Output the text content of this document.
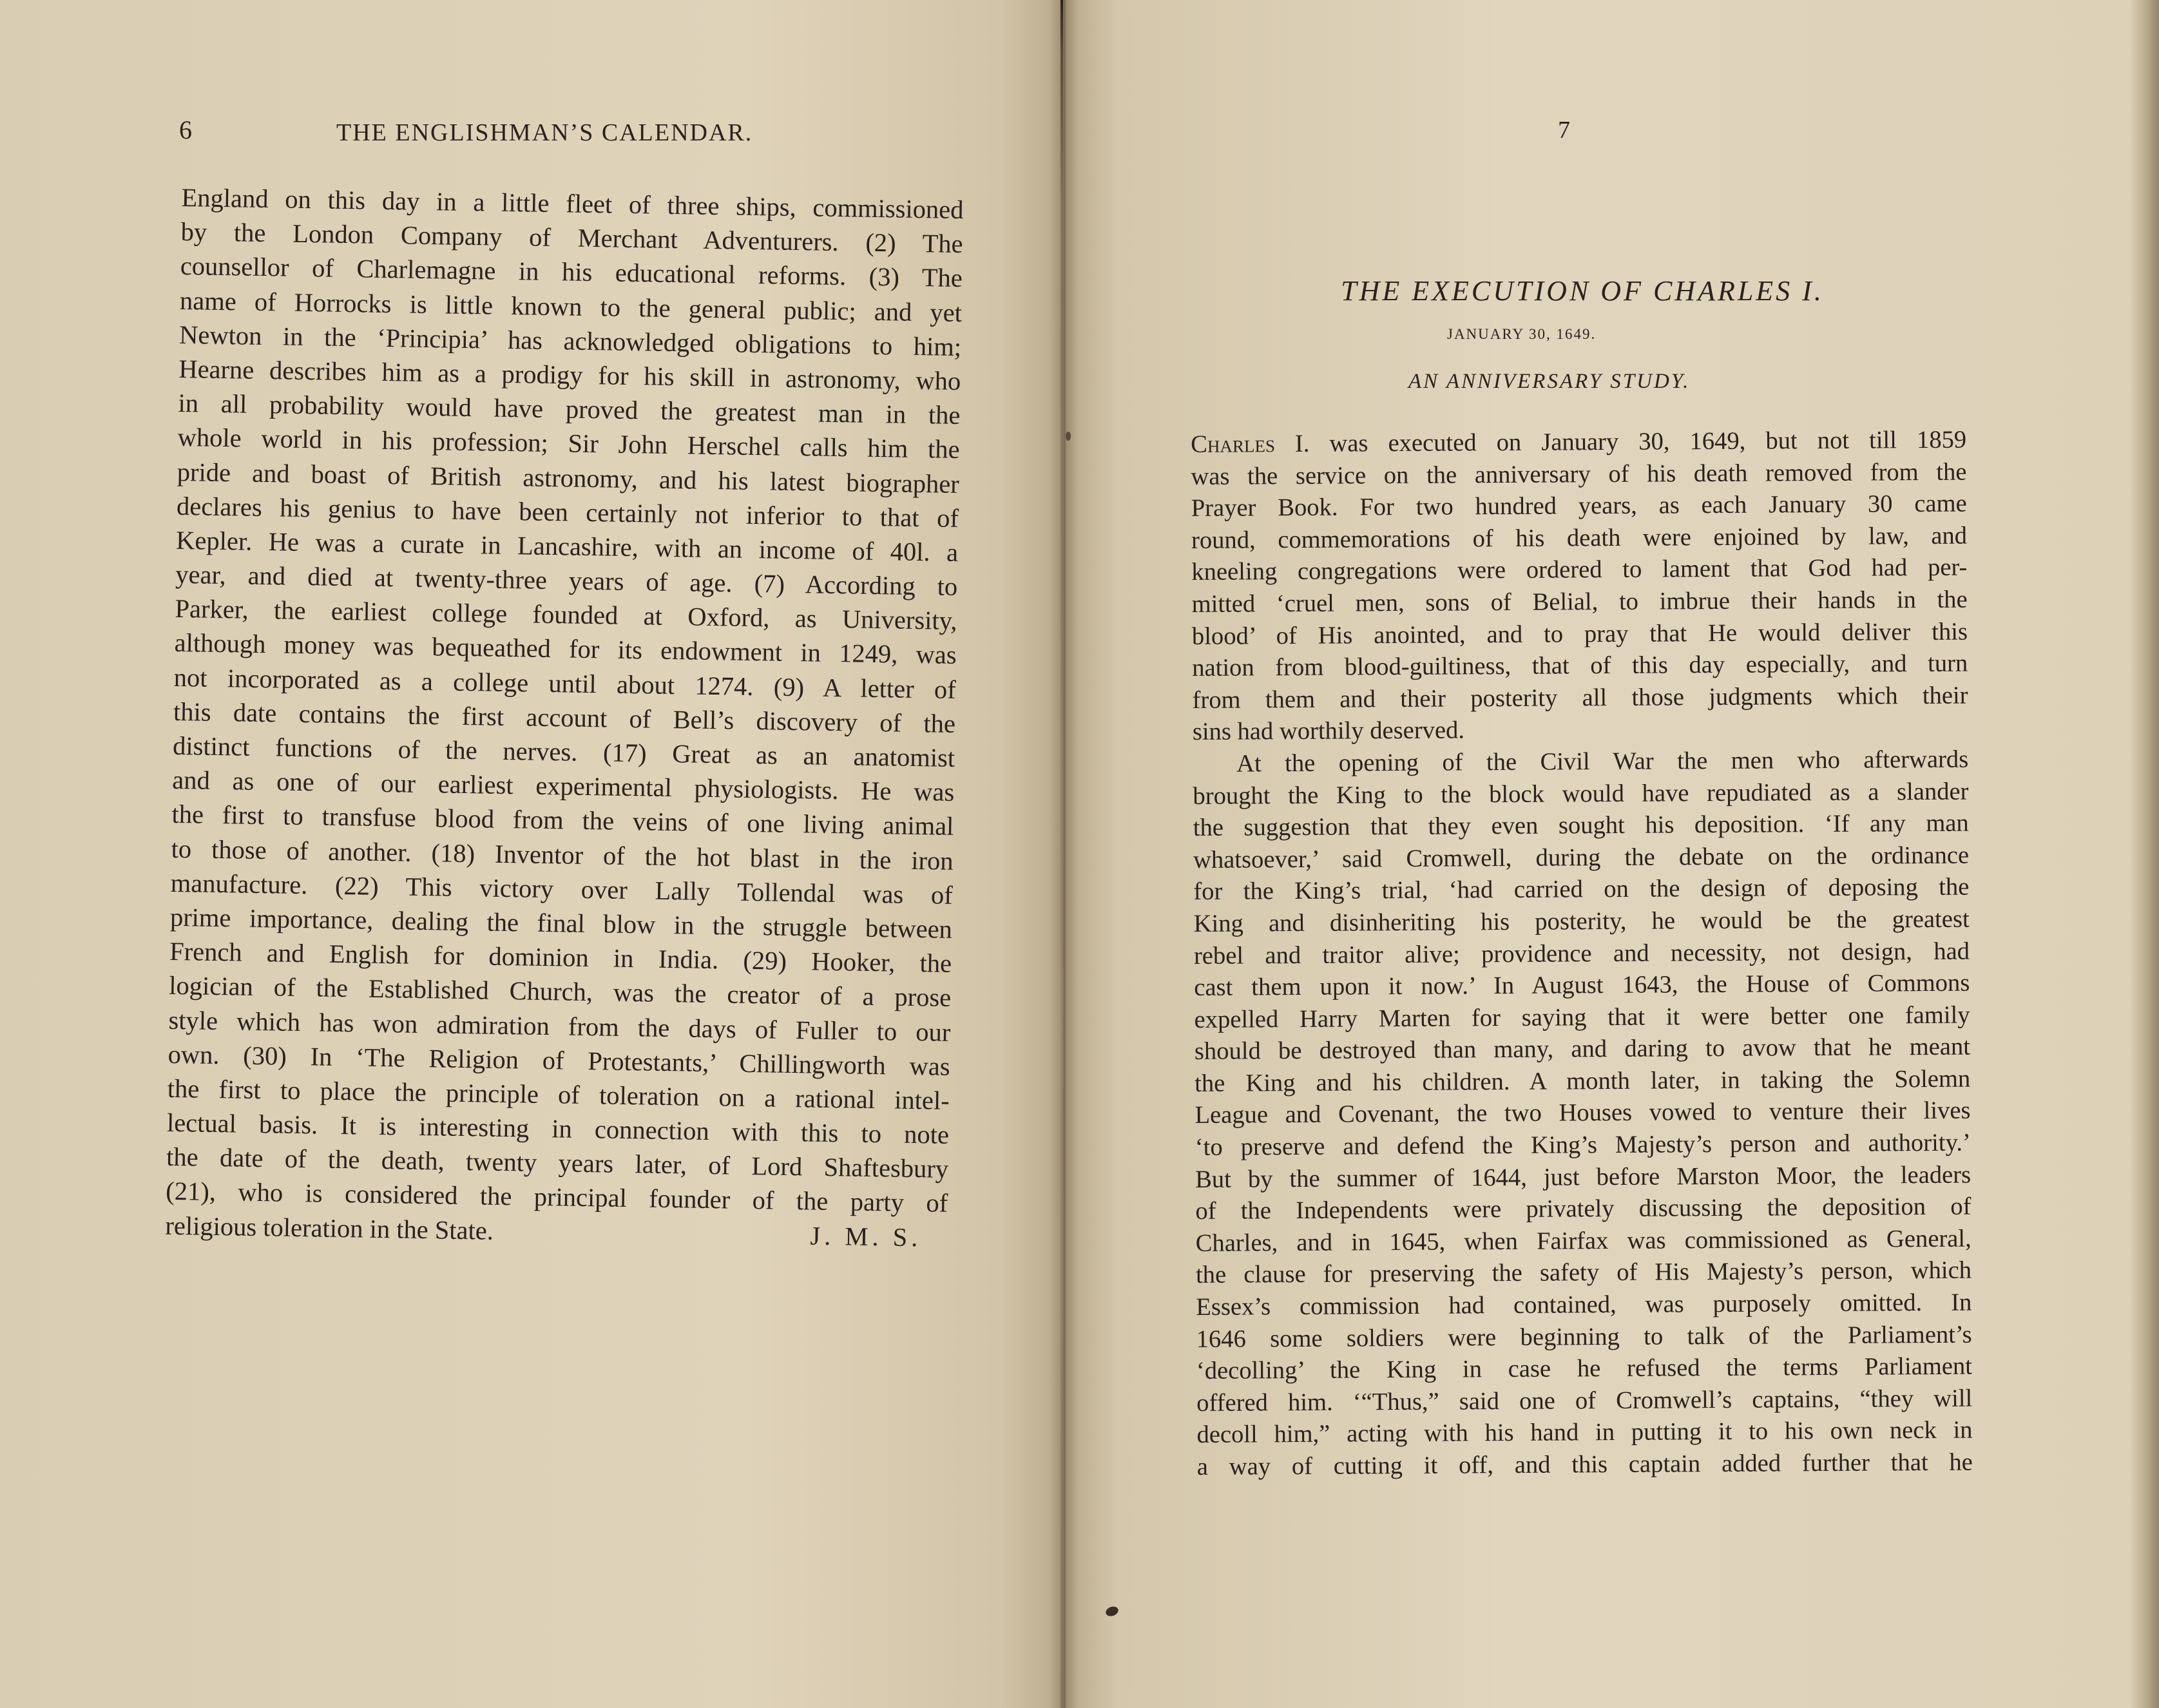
6	THE ENGLISHMAN’S CALENDAR.
England on this day in a little fleet of three ships, commissioned
by the London Company of Merchant Adventurers. (2) The
counsellor of Charlemagne in his educational reforms. (3) The
name of Horrocks is little known to the general public; and yet
Newton in the ‘Principia’ has acknowledged obligations to him;
Hearne describes him as a prodigy for his skill in astronomy, who
in all probability would have proved the greatest man in the
whole world in his profession; Sir John Herschel calls him the
pride and boast of British astronomy, and his latest biographer
declares his genius to have been certainly not inferior to that of
Kepler. He was a curate in Lancashire, with an income of 40l. a
year, and died at twenty-three years of age. (7) According to
Parker, the earliest college founded at Oxford, as University,
although money was bequeathed for its endowment in 1249, was
not incorporated as a college until about 1274. (9) A letter of
this date contains the first account of Bell’s discovery of the
distinct functions of the nerves. (17) Great as an anatomist
and as one of our earliest experimental physiologists. He was
the first to transfuse blood from the veins of one living animal
to those of another. (18) Inventor of the hot blast in the iron
manufacture. (22) This victory over Lally Tollendal was of
prime importance, dealing the final blow in the struggle between
French and English for dominion in India. (29) Hooker, the
logician of the Established Church, was the creator of a prose
style which has won admiration from the days of Fuller to our
own. (30) In ‘The Religion of Protestants,’ Chillingworth was
the first to place the principle of toleration on a rational intel-
lectual basis. It is interesting in connection with this to note
the date of the death, twenty years later, of Lord Shaftesbury
(21), who is considered the principal founder of the party of
religious toleration in the State.	J. M. S.
7
THE EXECUTION OF CHARLES I.
JANUARY 30, 1649.
AN ANNIVERSARY STUDY.
Charles I. was executed on January 30, 1649, but not till 1859
was the service on the anniversary of his death removed from the
Prayer Book. For two hundred years, as each January 30 came
round, commemorations of his death were enjoined by law, and
kneeling congregations were ordered to lament that God had per-
mitted ‘cruel men, sons of Belial, to imbrue their hands in the
blood’ of His anointed, and to pray that He would deliver this
nation from blood-guiltiness, that of this day especially, and turn
from them and their posterity all those judgments which their
sins had worthily deserved.
At the opening of the Civil War the men who afterwards
brought the King to the block would have repudiated as a slander
the suggestion that they even sought his deposition. ‘If any man
whatsoever,’ said Cromwell, during the debate on the ordinance
for the King’s trial, ‘had carried on the design of deposing the
King and disinheriting his posterity, he would be the greatest
rebel and traitor alive; providence and necessity, not design, had
cast them upon it now.’ In August 1643, the House of Commons
expelled Harry Marten for saying that it were better one family
should be destroyed than many, and daring to avow that he meant
the King and his children. A month later, in taking the Solemn
League and Covenant, the two Houses vowed to venture their lives
‘to preserve and defend the King’s Majesty’s person and authority.’
But by the summer of 1644, just before Marston Moor, the leaders
of the Independents were privately discussing the deposition of
Charles, and in 1645, when Fairfax was commissioned as General,
the clause for preserving the safety of His Majesty’s person, which
Essex’s commission had contained, was purposely omitted. In
1646 some soldiers were beginning to talk of the Parliament’s
‘decolling’ the King in case he refused the terms Parliament
offered him. ‘“Thus,” said one of Cromwell’s captains, “they will
decoll him,” acting with his hand in putting it to his own neck in
a way of cutting it off, and this captain added further that he
